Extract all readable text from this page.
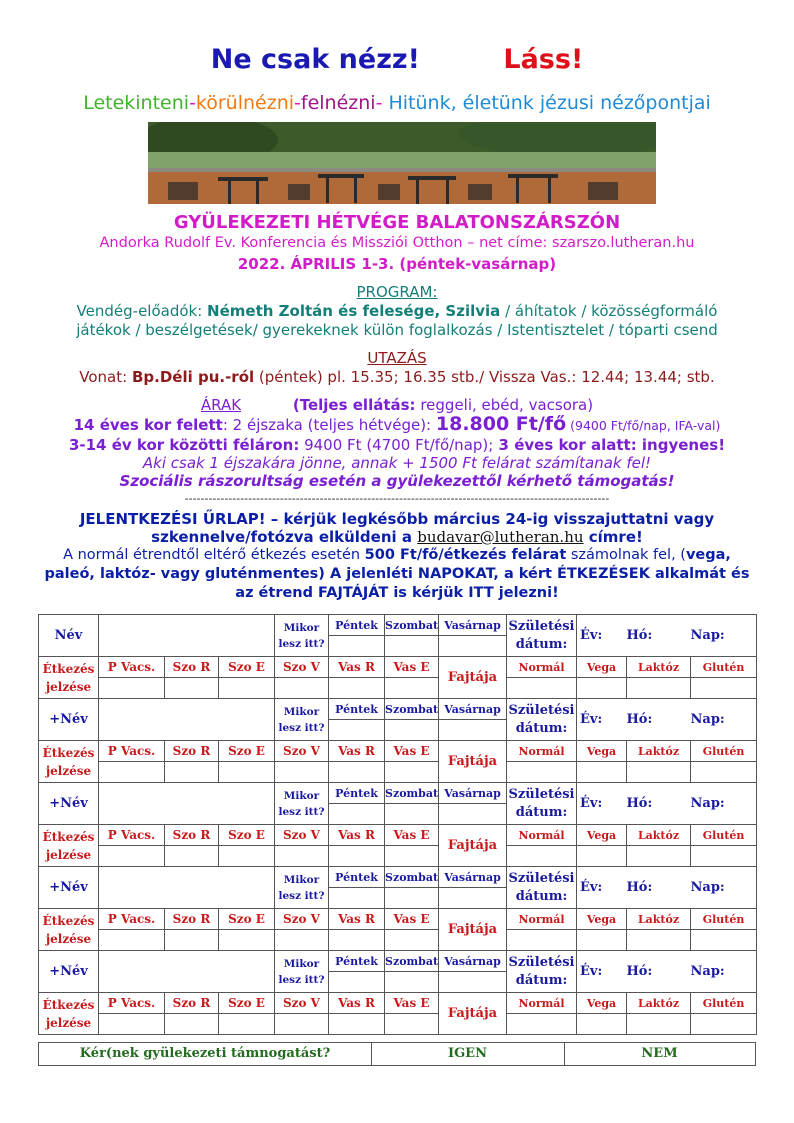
Ne csak nézz!	Láss!
Letekinteni-körülnézni-felnézni- Hitünk, életünk jézusi nézőpontjai
GYÜLEKEZETI HÉTVÉGE BALATONSZÁRSZÓN
Andorka Rudolf Ev. Konferencia és Missziói Otthon – net címe: szarszo.lutheran.hu
2022. ÁPRILIS 1-3. (péntek-vasárnap)
PROGRAM:
Vendég-előadók: Németh Zoltán és felesége, Szilvia / áhítatok / közösségformáló
játékok / beszélgetések/ gyerekeknek külön foglalkozás / Istentisztelet / tóparti csend
UTAZÁS
Vonat: Bp.Déli pu.-ról (péntek) pl. 15.35; 16.35 stb./ Vissza Vas.: 12.44; 13.44; stb.
ÁRAK	(Teljes ellátás: reggeli, ebéd, vacsora)
14 éves kor felett: 2 éjszaka (teljes hétvége): 18.800 Ft/fő (9400 Ft/fő/nap, IFA-val)
3-14 év kor közötti féláron: 9400 Ft (4700 Ft/fő/nap); 3 éves kor alatt: ingyenes!
Aki csak 1 éjszakára jönne, annak + 1500 Ft felárat számítanak fel!
Szociális rászorultság esetén a gyülekezettől kérhető támogatás!
-----------------------------------------------------------------------------------------------------------
JELENTKEZÉSI ŰRLAP! – kérjük legkésőbb március 24-ig visszajuttatni vagy
szkennelve/fotózva elküldeni a budavar@lutheran.hu címre!
A normál étrendtől eltérő étkezés esetén 500 Ft/fő/étkezés felárat számolnak fel, (vega,
paleó, laktóz- vagy gluténmentes) A jelenléti NAPOKAT, a kért ÉTKEZÉSEK alkalmát és
az étrend FAJTÁJÁT is kérjük ITT jelezni!
Név				Mikor lesz itt?	Péntek	Szombat	Vasárnap	Születési dátum:	Év:	Hó:	Nap:

Étkezés jelzése	P Vacs.	Szo R	Szo E	Szo V	Vas R	Vas E	Fajtája	Normál	Vega	Laktóz	Glutén

+Név				Mikor lesz itt?	Péntek	Szombat	Vasárnap	Születési dátum:	Év:	Hó:	Nap:

Étkezés jelzése	P Vacs.	Szo R	Szo E	Szo V	Vas R	Vas E	Fajtája	Normál	Vega	Laktóz	Glutén

+Név				Mikor lesz itt?	Péntek	Szombat	Vasárnap	Születési dátum:	Év:	Hó:	Nap:

Étkezés jelzése	P Vacs.	Szo R	Szo E	Szo V	Vas R	Vas E	Fajtája	Normál	Vega	Laktóz	Glutén

+Név				Mikor lesz itt?	Péntek	Szombat	Vasárnap	Születési dátum:	Év:	Hó:	Nap:

Étkezés jelzése	P Vacs.	Szo R	Szo E	Szo V	Vas R	Vas E	Fajtája	Normál	Vega	Laktóz	Glutén

+Név				Mikor lesz itt?	Péntek	Szombat	Vasárnap	Születési dátum:	Év:	Hó:	Nap:

Étkezés jelzése	P Vacs.	Szo R	Szo E	Szo V	Vas R	Vas E	Fajtája	Normál	Vega	Laktóz	Glutén

Kér(nek gyülekezeti támnogatást?	IGEN	NEM
